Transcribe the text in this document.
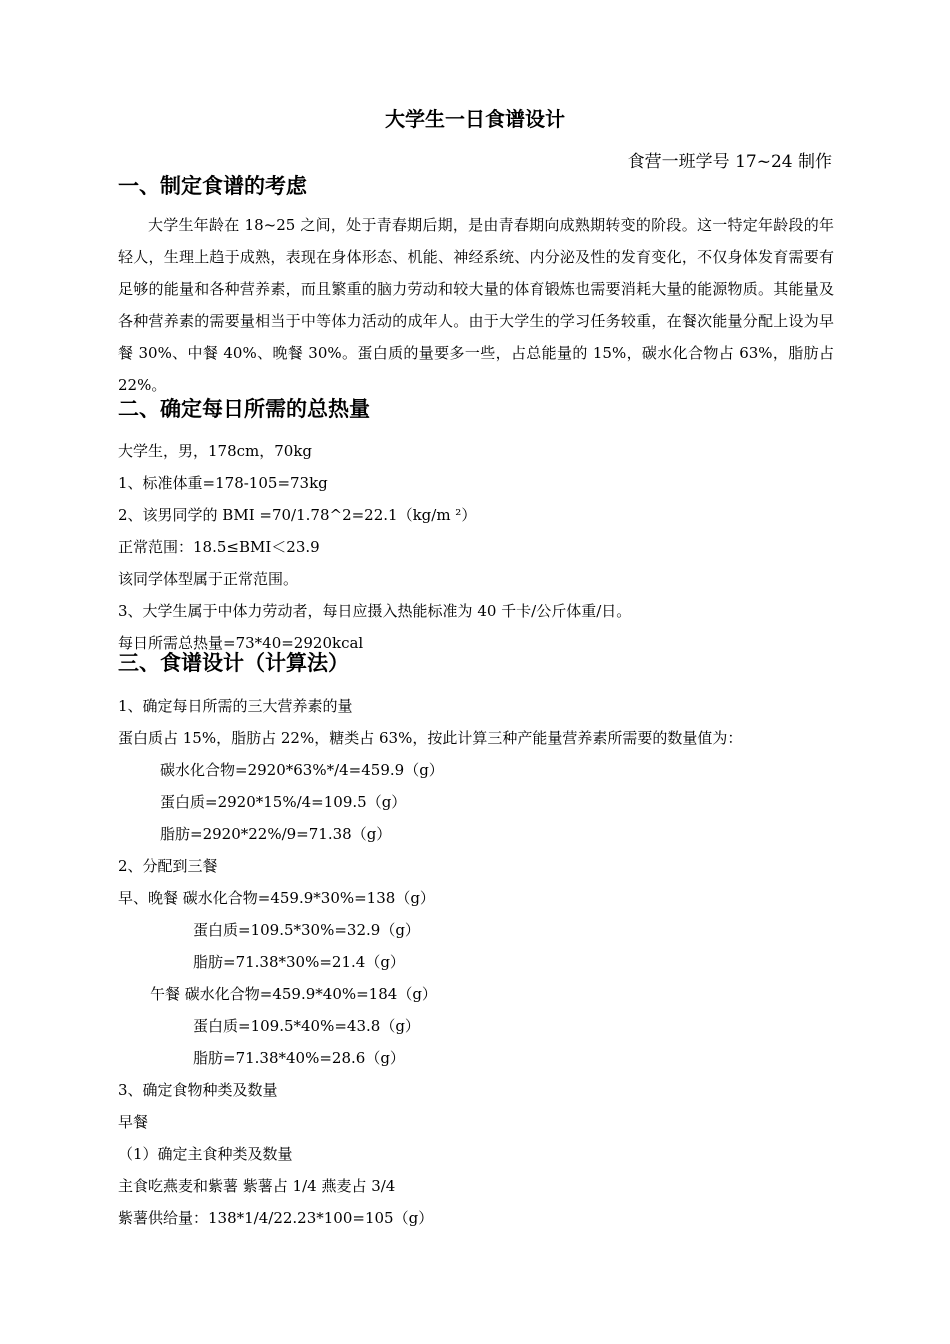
大学生一日食谱设计
食营一班学号 17~24 制作
一、制定食谱的考虑
大学生年龄在 18~25 之间，处于青春期后期，是由青春期向成熟期转变的阶段。这一特定年龄段的年轻人，生理上趋于成熟，表现在身体形态、机能、神经系统、内分泌及性的发育变化，不仅身体发育需要有足够的能量和各种营养素，而且繁重的脑力劳动和较大量的体育锻炼也需要消耗大量的能源物质。其能量及各种营养素的需要量相当于中等体力活动的成年人。由于大学生的学习任务较重，在餐次能量分配上设为早餐 30%、中餐 40%、晚餐 30%。蛋白质的量要多一些，占总能量的 15%，碳水化合物占 63%，脂肪占 22%。
二、确定每日所需的总热量
大学生，男，178cm，70kg
1、标准体重=178-105=73kg
2、该男同学的 BMI =70/1.78^2=22.1（kg/m ²）
正常范围：18.5≤BMI＜23.9
该同学体型属于正常范围。
3、大学生属于中体力劳动者，每日应摄入热能标准为 40 千卡/公斤体重/日。
每日所需总热量=73*40=2920kcal
三、食谱设计（计算法）
1、确定每日所需的三大营养素的量
蛋白质占 15%，脂肪占 22%，糖类占 63%，按此计算三种产能量营养素所需要的数量值为：
碳水化合物=2920*63%*/4=459.9（g）
蛋白质=2920*15%/4=109.5（g）
脂肪=2920*22%/9=71.38（g）
2、分配到三餐
早、晚餐 碳水化合物=459.9*30%=138（g）
蛋白质=109.5*30%=32.9（g）
脂肪=71.38*30%=21.4（g）
午餐 碳水化合物=459.9*40%=184（g）
蛋白质=109.5*40%=43.8（g）
脂肪=71.38*40%=28.6（g）
3、确定食物种类及数量
早餐
（1）确定主食种类及数量
主食吃燕麦和紫薯 紫薯占 1/4 燕麦占 3/4
紫薯供给量：138*1/4/22.23*100=105（g）
